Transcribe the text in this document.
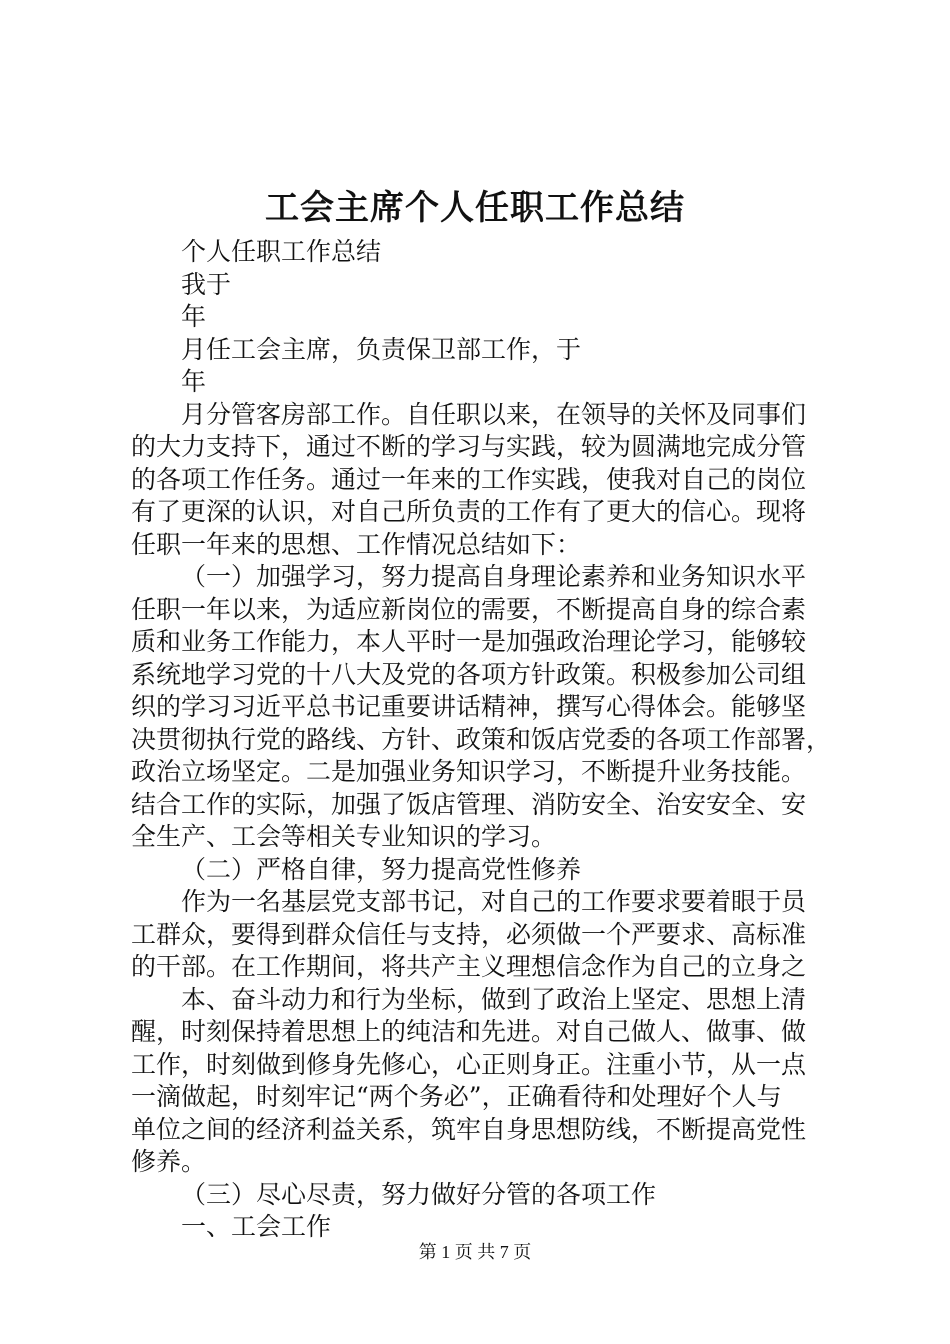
工会主席个人任职工作总结
个人任职工作总结
我于
年
月任工会主席，负责保卫部工作，于
年
月分管客房部工作。自任职以来，在领导的关怀及同事们
的大力支持下，通过不断的学习与实践，较为圆满地完成分管
的各项工作任务。通过一年来的工作实践，使我对自己的岗位
有了更深的认识，对自己所负责的工作有了更大的信心。现将
任职一年来的思想、工作情况总结如下：
（一）加强学习，努力提高自身理论素养和业务知识水平
任职一年以来，为适应新岗位的需要，不断提高自身的综合素
质和业务工作能力，本人平时一是加强政治理论学习，能够较
系统地学习党的十八大及党的各项方针政策。积极参加公司组
织的学习习近平总书记重要讲话精神，撰写心得体会。能够坚
决贯彻执行党的路线、方针、政策和饭店党委的各项工作部署，
政治立场坚定。二是加强业务知识学习，不断提升业务技能。
结合工作的实际，加强了饭店管理、消防安全、治安安全、安
全生产、工会等相关专业知识的学习。
（二）严格自律，努力提高党性修养
作为一名基层党支部书记，对自己的工作要求要着眼于员
工群众，要得到群众信任与支持，必须做一个严要求、高标准
的干部。在工作期间，将共产主义理想信念作为自己的立身之
本、奋斗动力和行为坐标，做到了政治上坚定、思想上清
醒，时刻保持着思想上的纯洁和先进。对自己做人、做事、做
工作，时刻做到修身先修心，心正则身正。注重小节，从一点
一滴做起，时刻牢记“两个务必”，正确看待和处理好个人与
单位之间的经济利益关系，筑牢自身思想防线，不断提高党性
修养。
（三）尽心尽责，努力做好分管的各项工作
一、工会工作
第 1 页 共 7 页
